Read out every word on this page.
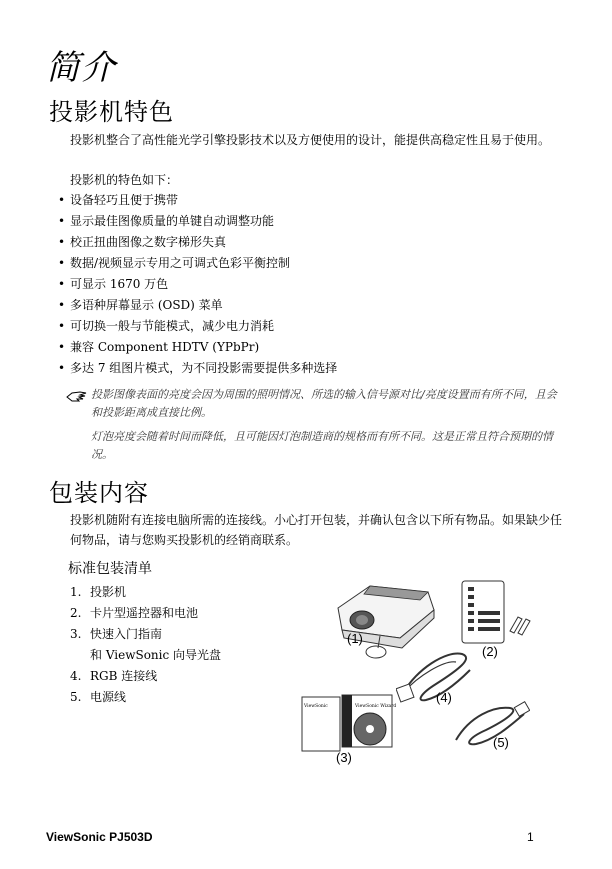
简介
投影机特色

投影机整合了高性能光学引擎投影技术以及方便使用的设计，能提供高稳定性且易于使用。

投影机的特色如下：

• 设备轻巧且便于携带
• 显示最佳图像质量的单键自动调整功能
• 校正扭曲图像之数字梯形失真
• 数据/视频显示专用之可调式色彩平衡控制
• 可显示 1670 万色
• 多语种屏幕显示 (OSD) 菜单
• 可切换一般与节能模式，减少电力消耗
• 兼容 Component HDTV (YPbPr)
• 多达 7 组图片模式，为不同投影需要提供多种选择

投影图像表面的亮度会因为周围的照明情况、所选的输入信号源对比/亮度设置而有所不同，且会和投影距离成直接比例。

灯泡亮度会随着时间而降低，且可能因灯泡制造商的规格而有所不同。这是正常且符合预期的情况。

包装内容

投影机随附有连接电脑所需的连接线。小心打开包装，并确认包含以下所有物品。如果缺少任何物品，请与您购买投影机的经销商联系。

标准包装清单
1. 投影机
2. 卡片型遥控器和电池
3. 快速入门指南
和 ViewSonic 向导光盘
4. RGB 连接线
5. 电源线
(1)
(2)
(4)
ViewSonic	ViewSonic Wizard
(3)
(5)
ViewSonic PJ503D	1
